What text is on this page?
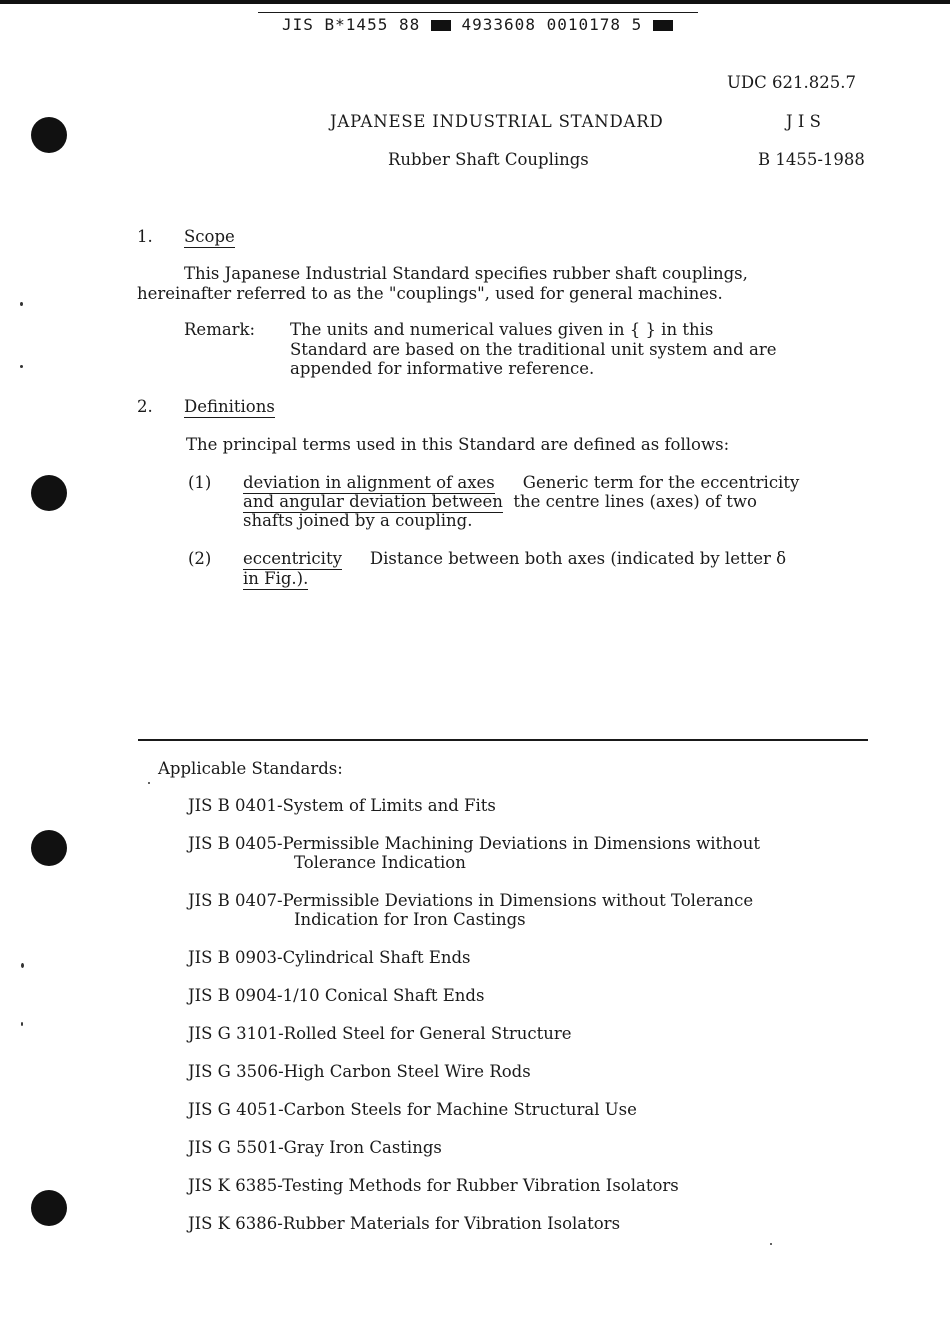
JIS B*1455 88	4933608 0010178 5
UDC 621.825.7
JAPANESE INDUSTRIAL STANDARD	J I S
Rubber Shaft Couplings	B 1455-1988
1. Scope
This Japanese Industrial Standard specifies rubber shaft couplings,
hereinafter referred to as the "couplings", used for general machines.
Remark: The units and numerical values given in { } in this
Standard are based on the traditional unit system and are
appended for informative reference.
2. Definitions
The principal terms used in this Standard are defined as follows:
(1) deviation in alignment of axes Generic term for the eccentricity
and angular deviation between the centre lines (axes) of two
shafts joined by a coupling.
(2) eccentricity Distance between both axes (indicated by letter δ
in Fig.).
Applicable Standards:
JIS B 0401-System of Limits and Fits
JIS B 0405-Permissible Machining Deviations in Dimensions without
Tolerance Indication
JIS B 0407-Permissible Deviations in Dimensions without Tolerance
Indication for Iron Castings
JIS B 0903-Cylindrical Shaft Ends
JIS B 0904-1/10 Conical Shaft Ends
JIS G 3101-Rolled Steel for General Structure
JIS G 3506-High Carbon Steel Wire Rods
JIS G 4051-Carbon Steels for Machine Structural Use
JIS G 5501-Gray Iron Castings
JIS K 6385-Testing Methods for Rubber Vibration Isolators
JIS K 6386-Rubber Materials for Vibration Isolators
